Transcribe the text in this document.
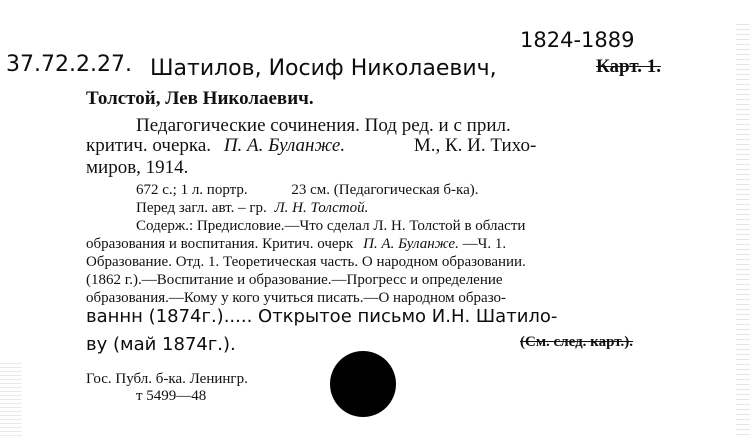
1824-1889
37.72.2.27. Шатилов, Иосиф Николаевич,	Карт. 1.
Толстой, Лев Николаевич.
Педагогические сочинения. Под ред. и с прил.
критич. очерка. П. А. Буланже.	М., К. И. Тихо-
миров, 1914.
672 с.; 1 л. портр.	23 см. (Педагогическая б-ка).
Перед загл. авт. – гр. Л. Н. Толстой.
Содерж.: Предисловие.—Что сделал Л. Н. Толстой в области
образования и воспитания. Критич. очерк П. А. Буланже. —Ч. 1.
Образование. Отд. 1. Теоретическая часть. О народном образовании.
(1862 г.).—Воспитание и образование.—Прогресс и определение
образования.—Кому у кого учиться писать.—О народном образо-
ваннн (1874г.)..... Открытое письмо И.Н. Шатило-
ву (май 1874г.).	(См. след. карт.).
Гос. Публ. б-ка. Ленингр.
т 5499—48
